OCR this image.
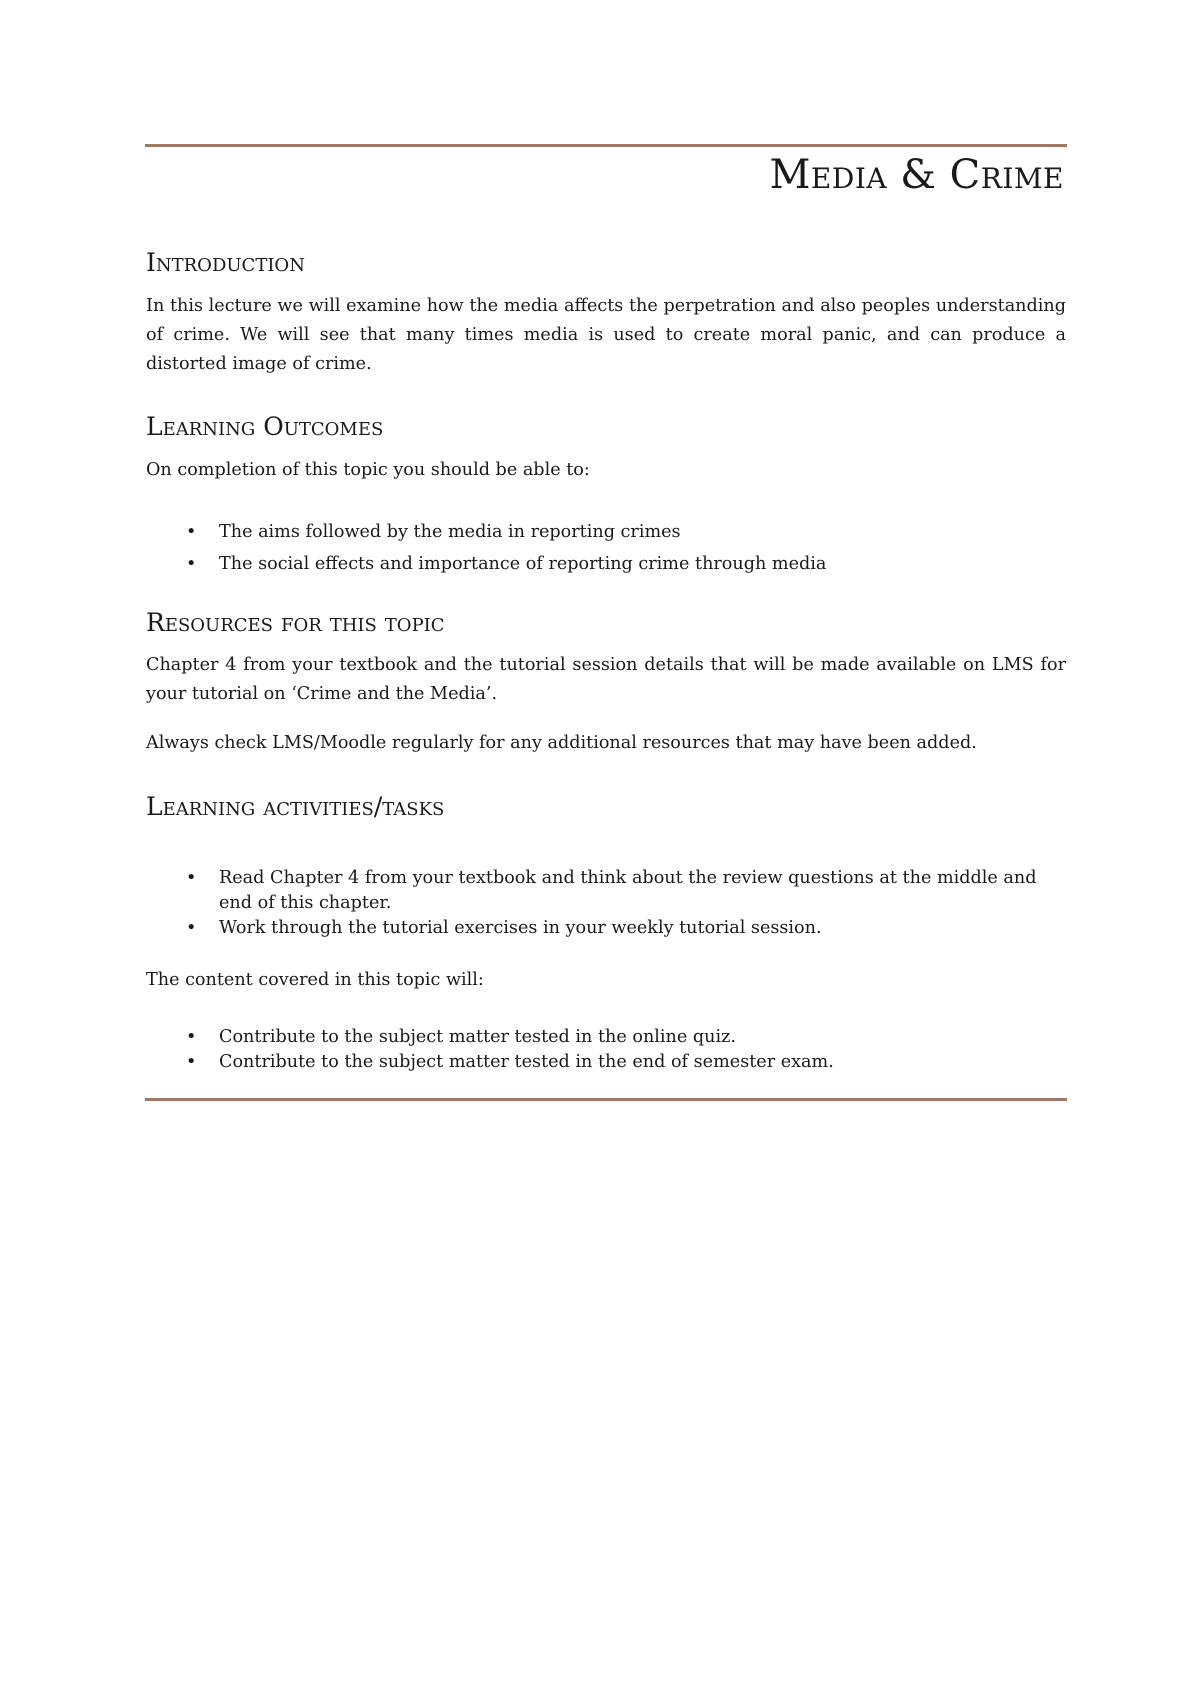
Media & Crime
Introduction

In this lecture we will examine how the media affects the perpetration and also peoples understanding of crime. We will see that many times media is used to create moral panic, and can produce a distorted image of crime.

Learning Outcomes

On completion of this topic you should be able to:

• The aims followed by the media in reporting crimes
• The social effects and importance of reporting crime through media
Resources for this topic

Chapter 4 from your textbook and the tutorial session details that will be made available on LMS for your tutorial on ‘Crime and the Media’.

Always check LMS/Moodle regularly for any additional resources that may have been added.

Learning activities/tasks
• Read Chapter 4 from your textbook and think about the review questions at the middle and end of this chapter.
• Work through the tutorial exercises in your weekly tutorial session.

The content covered in this topic will:

• Contribute to the subject matter tested in the online quiz.
• Contribute to the subject matter tested in the end of semester exam.
